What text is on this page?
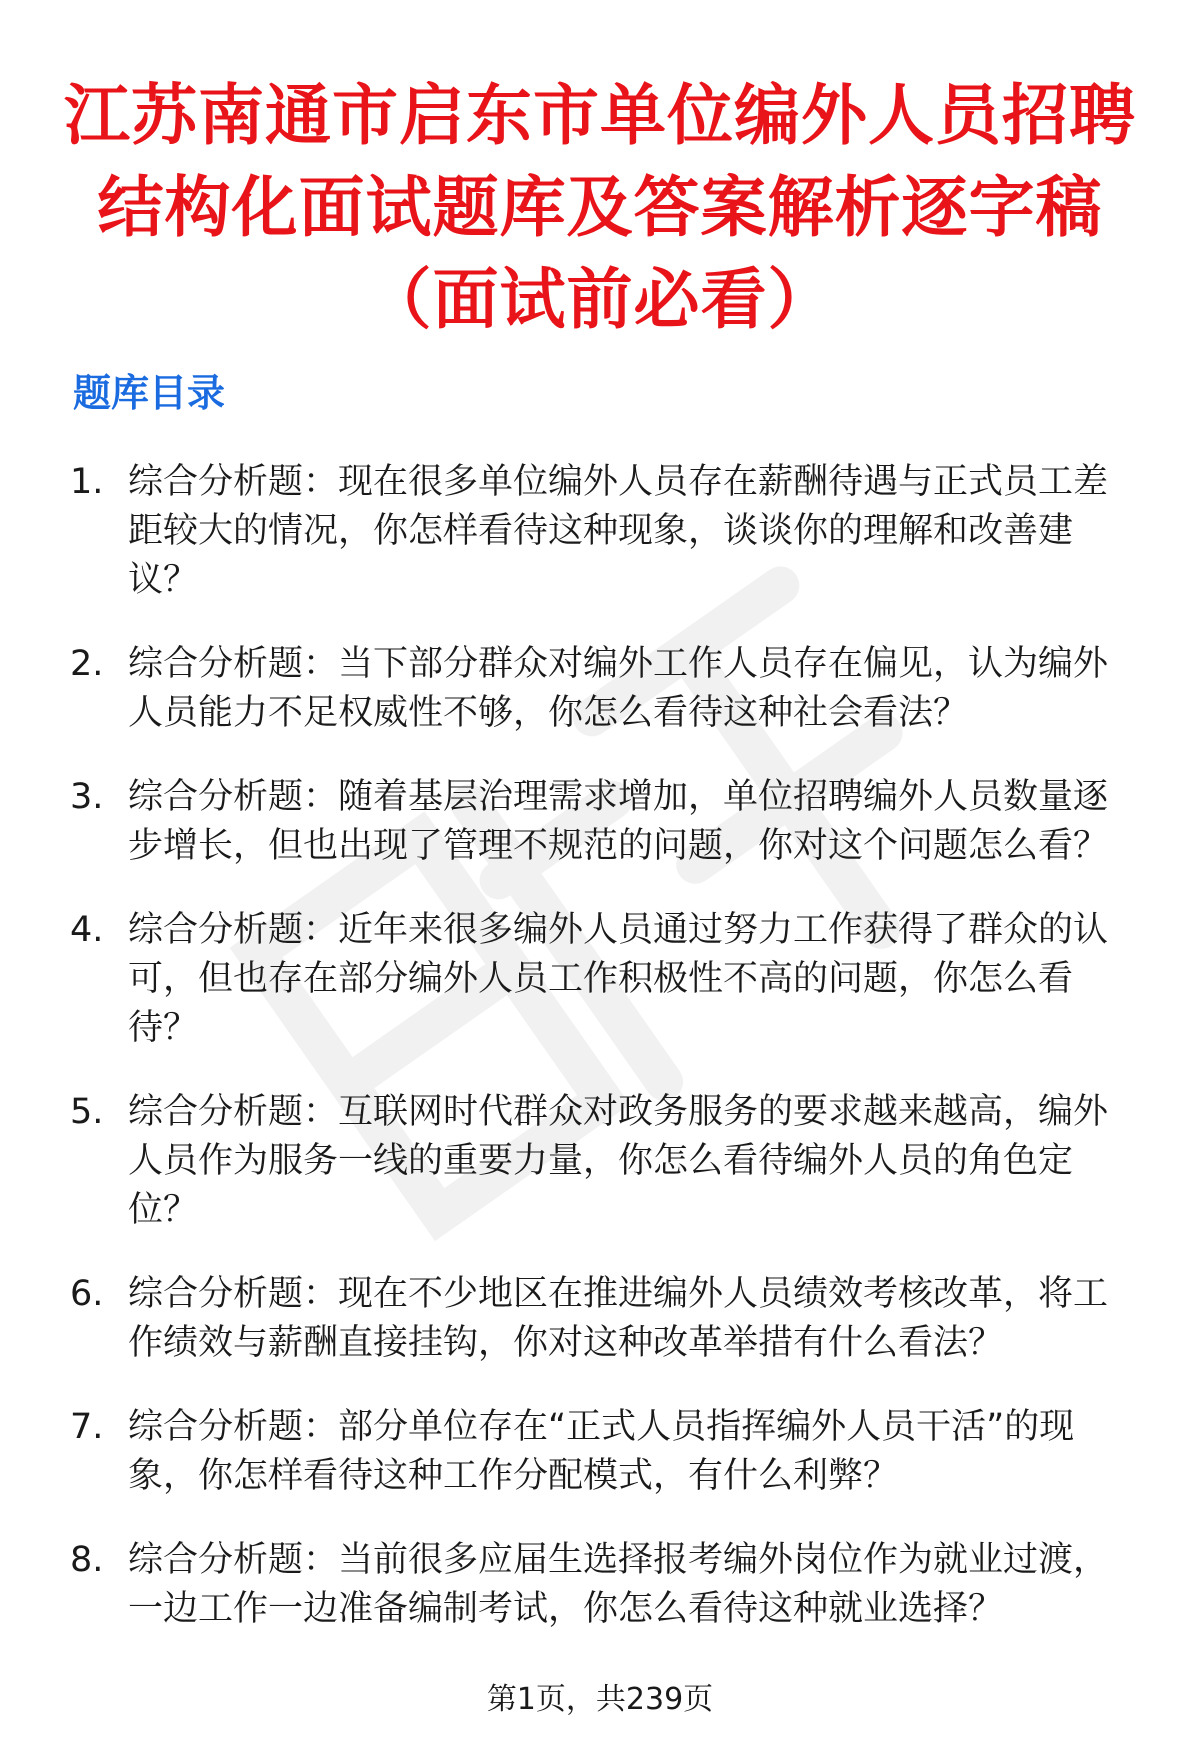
江苏南通市启东市单位编外人员招聘结构化面试题库及答案解析逐字稿（面试前必看）
题库目录
1. 综合分析题：现在很多单位编外人员存在薪酬待遇与正式员工差距较大的情况，你怎样看待这种现象，谈谈你的理解和改善建议？
2. 综合分析题：当下部分群众对编外工作人员存在偏见，认为编外人员能力不足权威性不够，你怎么看待这种社会看法？
3. 综合分析题：随着基层治理需求增加，单位招聘编外人员数量逐步增长，但也出现了管理不规范的问题，你对这个问题怎么看？
4. 综合分析题：近年来很多编外人员通过努力工作获得了群众的认可，但也存在部分编外人员工作积极性不高的问题，你怎么看待？
5. 综合分析题：互联网时代群众对政务服务的要求越来越高，编外人员作为服务一线的重要力量，你怎么看待编外人员的角色定位？
6. 综合分析题：现在不少地区在推进编外人员绩效考核改革，将工作绩效与薪酬直接挂钩，你对这种改革举措有什么看法？
7. 综合分析题：部分单位存在“正式人员指挥编外人员干活”的现象，你怎样看待这种工作分配模式，有什么利弊？
8. 综合分析题：当前很多应届生选择报考编外岗位作为就业过渡，一边工作一边准备编制考试，你怎么看待这种就业选择？
第1页，共239页
